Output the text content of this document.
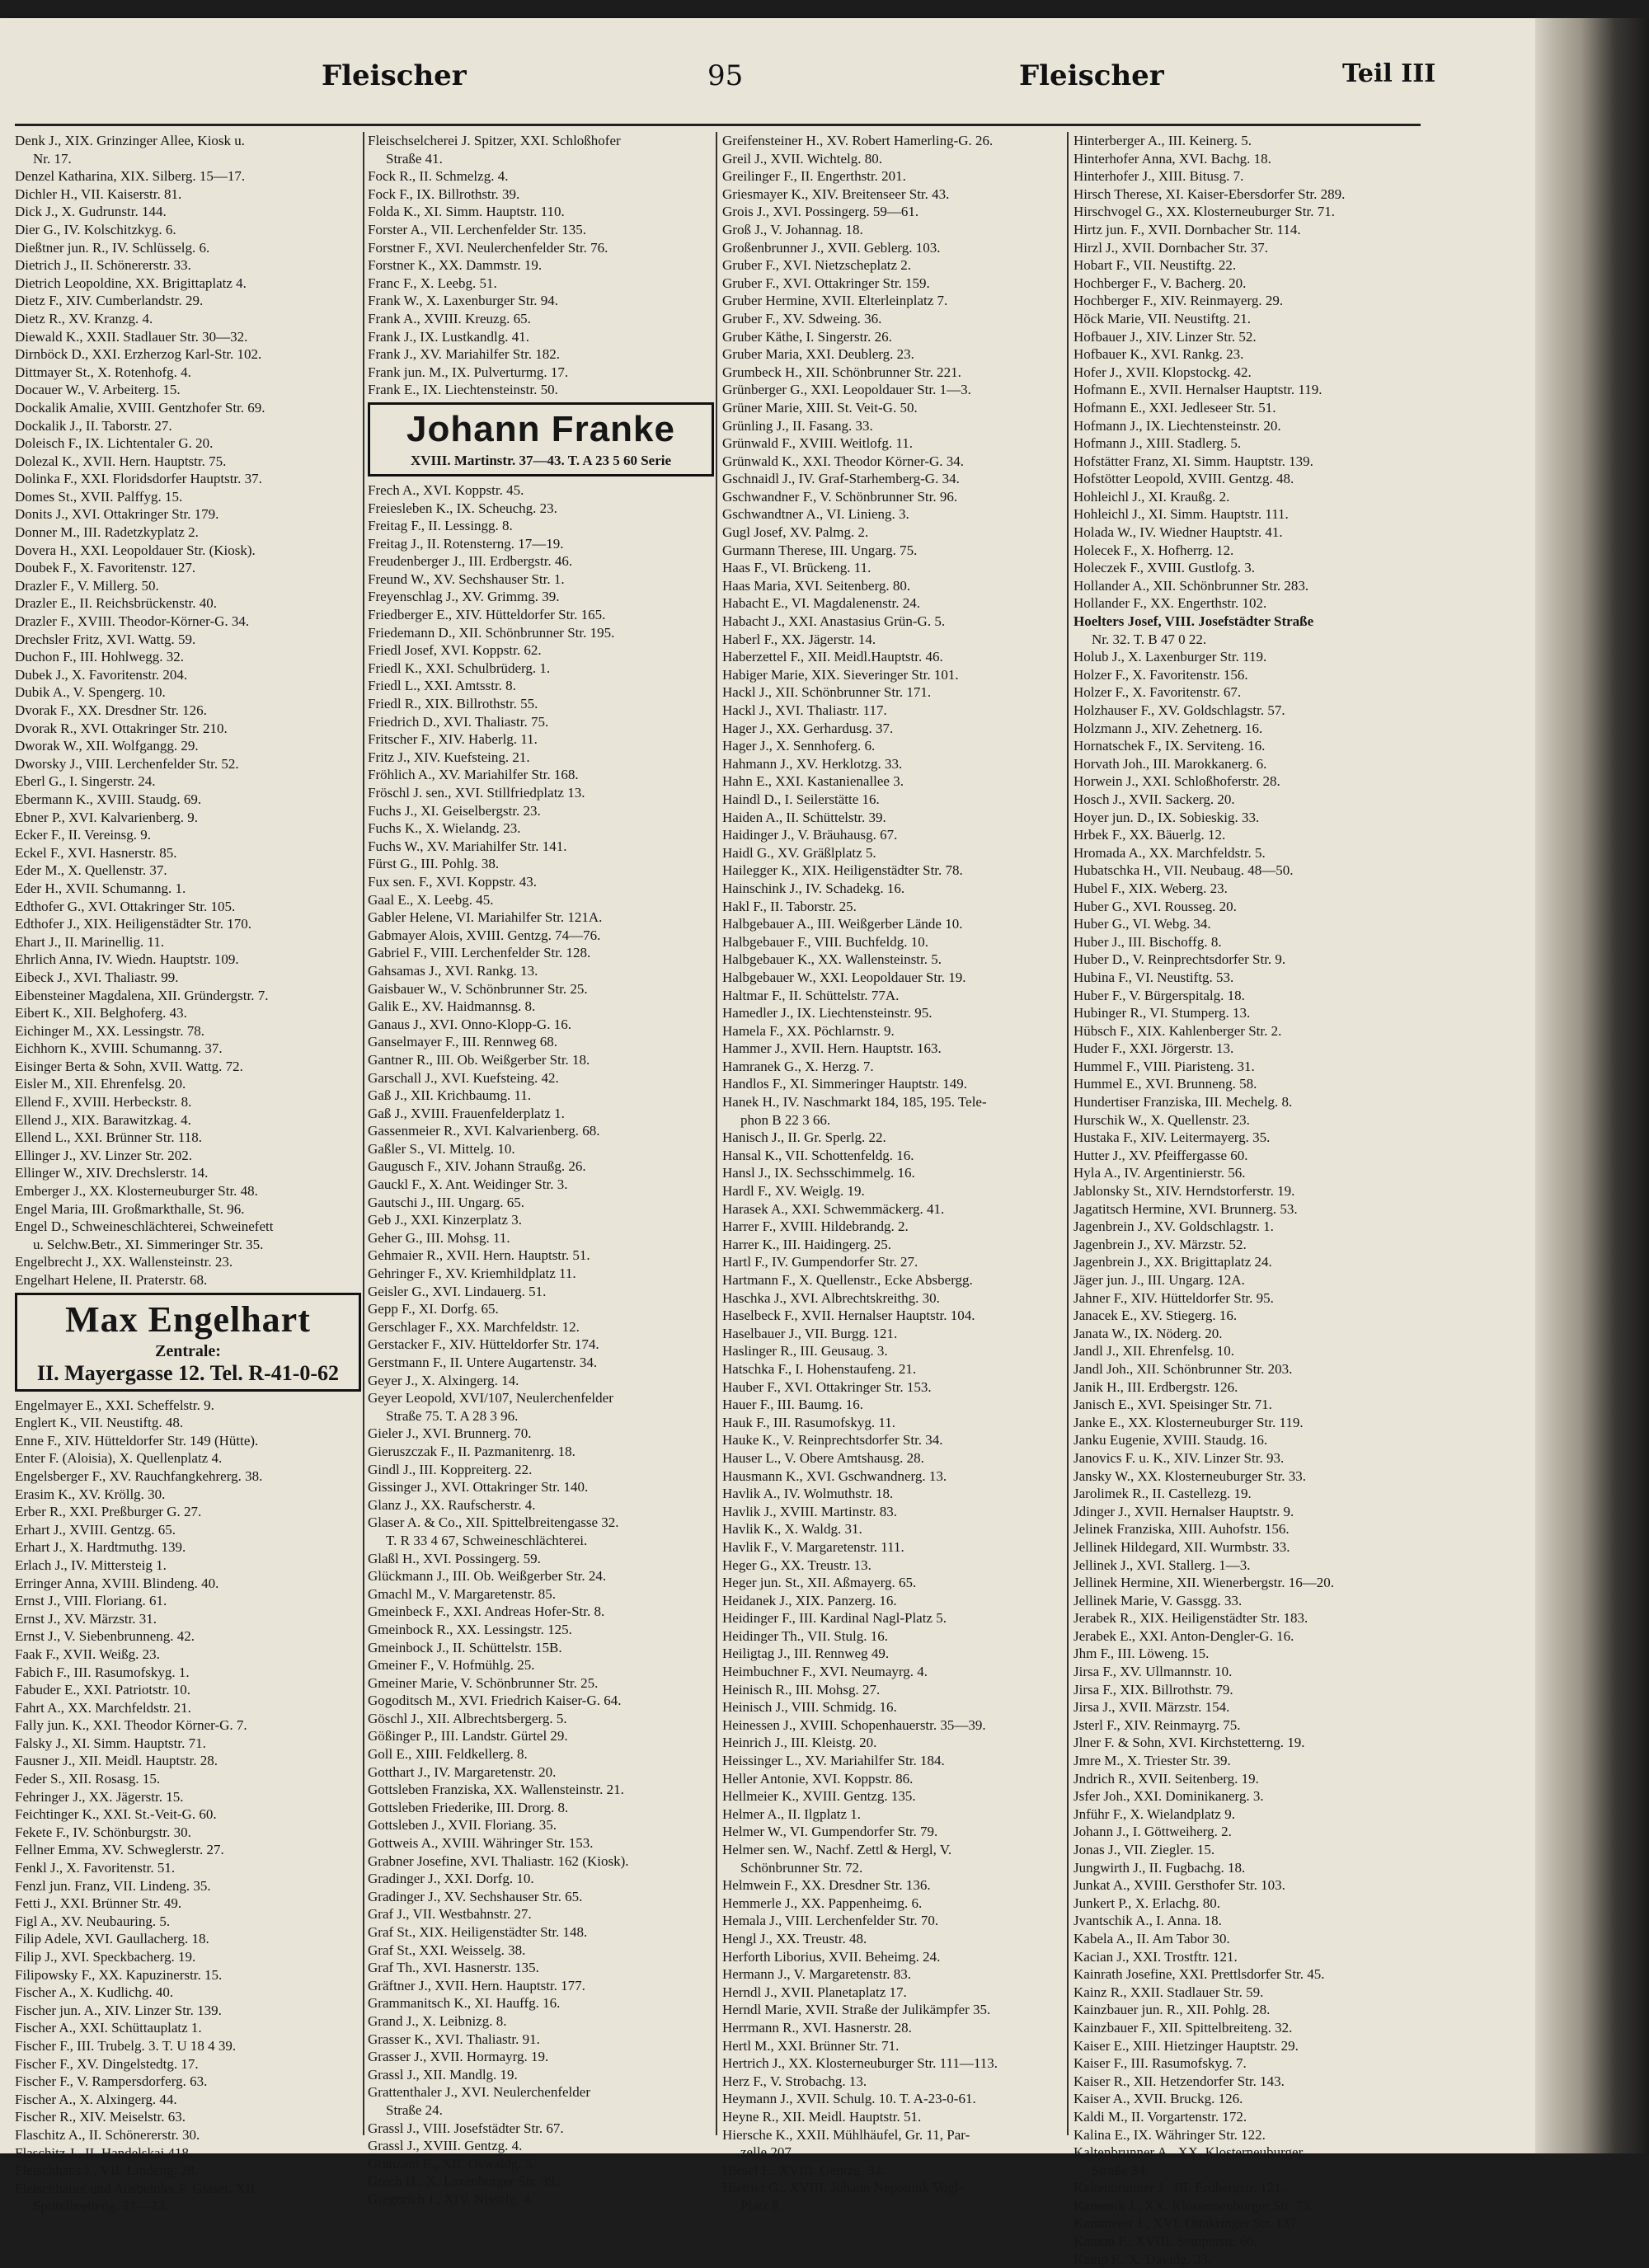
Fleischer	95	Fleischer	Teil III
Denk J., XIX. Grinzinger Allee, Kiosk u.
Nr. 17.
Denzel Katharina, XIX. Silberg. 15—17.
Dichler H., VII. Kaiserstr. 81.
Dick J., X. Gudrunstr. 144.
Dier G., IV. Kolschitzkyg. 6.
Dießtner jun. R., IV. Schlüsselg. 6.
Dietrich J., II. Schönererstr. 33.
Dietrich Leopoldine, XX. Brigittaplatz 4.
Dietz F., XIV. Cumberlandstr. 29.
Dietz R., XV. Kranzg. 4.
Diewald K., XXII. Stadlauer Str. 30—32.
Dirnböck D., XXI. Erzherzog Karl-Str. 102.
Dittmayer St., X. Rotenhofg. 4.
Docauer W., V. Arbeiterg. 15.
Dockalik Amalie, XVIII. Gentzhofer Str. 69.
Dockalik J., II. Taborstr. 27.
Doleisch F., IX. Lichtentaler G. 20.
Dolezal K., XVII. Hern. Hauptstr. 75.
Dolinka F., XXI. Floridsdorfer Hauptstr. 37.
Domes St., XVII. Palffyg. 15.
Donits J., XVI. Ottakringer Str. 179.
Donner M., III. Radetzkyplatz 2.
Dovera H., XXI. Leopoldauer Str. (Kiosk).
Doubek F., X. Favoritenstr. 127.
Drazler F., V. Millerg. 50.
Drazler E., II. Reichsbrückenstr. 40.
Drazler F., XVIII. Theodor-Körner-G. 34.
Drechsler Fritz, XVI. Wattg. 59.
Duchon F., III. Hohlwegg. 32.
Dubek J., X. Favoritenstr. 204.
Dubik A., V. Spengerg. 10.
Dvorak F., XX. Dresdner Str. 126.
Dvorak R., XVI. Ottakringer Str. 210.
Dworak W., XII. Wolfgangg. 29.
Dworsky J., VIII. Lerchenfelder Str. 52.
Eberl G., I. Singerstr. 24.
Ebermann K., XVIII. Staudg. 69.
Ebner P., XVI. Kalvarienberg. 9.
Ecker F., II. Vereinsg. 9.
Eckel F., XVI. Hasnerstr. 85.
Eder M., X. Quellenstr. 37.
Eder H., XVII. Schumanng. 1.
Edthofer G., XVI. Ottakringer Str. 105.
Edthofer J., XIX. Heiligenstädter Str. 170.
Ehart J., II. Marinellig. 11.
Ehrlich Anna, IV. Wiedn. Hauptstr. 109.
Eibeck J., XVI. Thaliastr. 99.
Eibensteiner Magdalena, XII. Gründergstr. 7.
Eibert K., XII. Belghoferg. 43.
Eichinger M., XX. Lessingstr. 78.
Eichhorn K., XVIII. Schumanng. 37.
Eisinger Berta & Sohn, XVII. Wattg. 72.
Eisler M., XII. Ehrenfelsg. 20.
Ellend F., XVIII. Herbeckstr. 8.
Ellend J., XIX. Barawitzkag. 4.
Ellend L., XXI. Brünner Str. 118.
Ellinger J., XV. Linzer Str. 202.
Ellinger W., XIV. Drechslerstr. 14.
Emberger J., XX. Klosterneuburger Str. 48.
Engel Maria, III. Großmarkthalle, St. 96.
Engel D., Schweineschlächterei, Schweinefett
u. Selchw.Betr., XI. Simmeringer Str. 35.
Engelbrecht J., XX. Wallensteinstr. 23.
Engelhart Helene, II. Praterstr. 68.
Max Engelhart
Zentrale:
II. Mayergasse 12. Tel. R-41-0-62
Engelmayer E., XXI. Scheffelstr. 9.
Englert K., VII. Neustiftg. 48.
Enne F., XIV. Hütteldorfer Str. 149 (Hütte).
Enter F. (Aloisia), X. Quellenplatz 4.
Engelsberger F., XV. Rauchfangkehrerg. 38.
Erasim K., XV. Kröllg. 30.
Erber R., XXI. Preßburger G. 27.
Erhart J., XVIII. Gentzg. 65.
Erhart J., X. Hardtmuthg. 139.
Erlach J., IV. Mittersteig 1.
Erringer Anna, XVIII. Blindeng. 40.
Ernst J., VIII. Floriang. 61.
Ernst J., XV. Märzstr. 31.
Ernst J., V. Siebenbrunneng. 42.
Faak F., XVII. Weißg. 23.
Fabich F., III. Rasumofskyg. 1.
Fabuder E., XXI. Patriotstr. 10.
Fahrt A., XX. Marchfeldstr. 21.
Fally jun. K., XXI. Theodor Körner-G. 7.
Falsky J., XI. Simm. Hauptstr. 71.
Fausner J., XII. Meidl. Hauptstr. 28.
Feder S., XII. Rosasg. 15.
Fehringer J., XX. Jägerstr. 15.
Feichtinger K., XXI. St.-Veit-G. 60.
Fekete F., IV. Schönburgstr. 30.
Fellner Emma, XV. Schweglerstr. 27.
Fenkl J., X. Favoritenstr. 51.
Fenzl jun. Franz, VII. Lindeng. 35.
Fetti J., XXI. Brünner Str. 49.
Figl A., XV. Neubauring. 5.
Filip Adele, XVI. Gaullacherg. 18.
Filip J., XVI. Speckbacherg. 19.
Filipowsky F., XX. Kapuzinerstr. 15.
Fischer A., X. Kudlichg. 40.
Fischer jun. A., XIV. Linzer Str. 139.
Fischer A., XXI. Schüttauplatz 1.
Fischer F., III. Trubelg. 3. T. U 18 4 39.
Fischer F., XV. Dingelstedtg. 17.
Fischer F., V. Rampersdorferg. 63.
Fischer A., X. Alxingerg. 44.
Fischer R., XIV. Meiselstr. 63.
Flaschitz A., II. Schönererstr. 30.
Flaschitz J., II. Handelskai 418.
Fleischhans J., VII. Lindeng. 28.
Fleischhauer und Ausbeinler F. Glaser, XII.
Spittelbreiteng. 21—23.
Fleischselcherei J. Spitzer, XXI. Schloßhofer
Straße 41.
Fock R., II. Schmelzg. 4.
Fock F., IX. Billrothstr. 39.
Folda K., XI. Simm. Hauptstr. 110.
Forster A., VII. Lerchenfelder Str. 135.
Forstner F., XVI. Neulerchenfelder Str. 76.
Forstner K., XX. Dammstr. 19.
Franc F., X. Leebg. 51.
Frank W., X. Laxenburger Str. 94.
Frank A., XVIII. Kreuzg. 65.
Frank J., IX. Lustkandlg. 41.
Frank J., XV. Mariahilfer Str. 182.
Frank jun. M., IX. Pulverturmg. 17.
Frank E., IX. Liechtensteinstr. 50.
Johann Franke
XVIII. Martinstr. 37—43. T. A 23 5 60 Serie
Frech A., XVI. Koppstr. 45.
Freiesleben K., IX. Scheuchg. 23.
Freitag F., II. Lessingg. 8.
Freitag J., II. Rotensterng. 17—19.
Freudenberger J., III. Erdbergstr. 46.
Freund W., XV. Sechshauser Str. 1.
Freyenschlag J., XV. Grimmg. 39.
Friedberger E., XIV. Hütteldorfer Str. 165.
Friedemann D., XII. Schönbrunner Str. 195.
Friedl Josef, XVI. Koppstr. 62.
Friedl K., XXI. Schulbrüderg. 1.
Friedl L., XXI. Amtsstr. 8.
Friedl R., XIX. Billrothstr. 55.
Friedrich D., XVI. Thaliastr. 75.
Fritscher F., XIV. Haberlg. 11.
Fritz J., XIV. Kuefsteing. 21.
Fröhlich A., XV. Mariahilfer Str. 168.
Fröschl J. sen., XVI. Stillfriedplatz 13.
Fuchs J., XI. Geiselbergstr. 23.
Fuchs K., X. Wielandg. 23.
Fuchs W., XV. Mariahilfer Str. 141.
Fürst G., III. Pohlg. 38.
Fux sen. F., XVI. Koppstr. 43.
Gaal E., X. Leebg. 45.
Gabler Helene, VI. Mariahilfer Str. 121A.
Gabmayer Alois, XVIII. Gentzg. 74—76.
Gabriel F., VIII. Lerchenfelder Str. 128.
Gahsamas J., XVI. Rankg. 13.
Gaisbauer W., V. Schönbrunner Str. 25.
Galik E., XV. Haidmannsg. 8.
Ganaus J., XVI. Onno-Klopp-G. 16.
Ganselmayer F., III. Rennweg 68.
Gantner R., III. Ob. Weißgerber Str. 18.
Garschall J., XVI. Kuefsteing. 42.
Gaß J., XII. Krichbaumg. 11.
Gaß J., XVIII. Frauenfelderplatz 1.
Gassenmeier R., XVI. Kalvarienberg. 68.
Gaßler S., VI. Mittelg. 10.
Gaugusch F., XIV. Johann Straußg. 26.
Gauckl F., X. Ant. Weidinger Str. 3.
Gautschi J., III. Ungarg. 65.
Geb J., XXI. Kinzerplatz 3.
Geher G., III. Mohsg. 11.
Gehmaier R., XVII. Hern. Hauptstr. 51.
Gehringer F., XV. Kriemhildplatz 11.
Geisler G., XVI. Lindauerg. 51.
Gepp F., XI. Dorfg. 65.
Gerschlager F., XX. Marchfeldstr. 12.
Gerstacker F., XIV. Hütteldorfer Str. 174.
Gerstmann F., II. Untere Augartenstr. 34.
Geyer J., X. Alxingerg. 14.
Geyer Leopold, XVI/107, Neulerchenfelder
Straße 75. T. A 28 3 96.
Gieler J., XVI. Brunnerg. 70.
Gieruszczak F., II. Pazmanitenrg. 18.
Gindl J., III. Koppreiterg. 22.
Gissinger J., XVI. Ottakringer Str. 140.
Glanz J., XX. Raufscherstr. 4.
Glaser A. & Co., XII. Spittelbreitengasse 32.
T. R 33 4 67, Schweineschlächterei.
Glaßl H., XVI. Possingerg. 59.
Glückmann J., III. Ob. Weißgerber Str. 24.
Gmachl M., V. Margaretenstr. 85.
Gmeinbeck F., XXI. Andreas Hofer-Str. 8.
Gmeinbock R., XX. Lessingstr. 125.
Gmeinbock J., II. Schüttelstr. 15B.
Gmeiner F., V. Hofmühlg. 25.
Gmeiner Marie, V. Schönbrunner Str. 25.
Gogoditsch M., XVI. Friedrich Kaiser-G. 64.
Göschl J., XII. Albrechtsbergerg. 5.
Gößinger P., III. Landstr. Gürtel 29.
Goll E., XIII. Feldkellerg. 8.
Gotthart J., IV. Margaretenstr. 20.
Gottsleben Franziska, XX. Wallensteinstr. 21.
Gottsleben Friederike, III. Drorg. 8.
Gottsleben J., XVII. Floriang. 35.
Gottweis A., XVIII. Währinger Str. 153.
Grabner Josefine, XVI. Thaliastr. 162 (Kiosk).
Gradinger J., XXI. Dorfg. 10.
Gradinger J., XV. Sechshauser Str. 65.
Graf J., VII. Westbahnstr. 27.
Graf St., XIX. Heiligenstädter Str. 148.
Graf St., XXI. Weisselg. 38.
Graf Th., XVI. Hasnerstr. 135.
Gräftner J., XVII. Hern. Hauptstr. 177.
Grammanitsch K., XI. Hauffg. 16.
Grand J., X. Leibnizg. 8.
Grasser K., XVI. Thaliastr. 91.
Grasser J., XVII. Hormayrg. 19.
Grassl J., XII. Mandlg. 19.
Grattenthaler J., XVI. Neulerchenfelder
Straße 24.
Grassl J., VIII. Josefstädter Str. 67.
Grassl J., XVIII. Gentzg. 4.
Granzam E., XII. Oswaldg. 5.
Grech H., X. Laxenburger Str. 39.
Gregorich J., XIV. Nisselg. 4.
Greifensteiner H., XV. Robert Hamerling-G. 26.
Greil J., XVII. Wichtelg. 80.
Greilinger F., II. Engerthstr. 201.
Griesmayer K., XIV. Breitenseer Str. 43.
Grois J., XVI. Possingerg. 59—61.
Groß J., V. Johannag. 18.
Großenbrunner J., XVII. Geblerg. 103.
Gruber F., XVI. Nietzscheplatz 2.
Gruber F., XVI. Ottakringer Str. 159.
Gruber Hermine, XVII. Elterleinplatz 7.
Gruber F., XV. Sdweing. 36.
Gruber Käthe, I. Singerstr. 26.
Gruber Maria, XXI. Deublerg. 23.
Grumbeck H., XII. Schönbrunner Str. 221.
Grünberger G., XXI. Leopoldauer Str. 1—3.
Grüner Marie, XIII. St. Veit-G. 50.
Grünling J., II. Fasang. 33.
Grünwald F., XVIII. Weitlofg. 11.
Grünwald K., XXI. Theodor Körner-G. 34.
Gschnaidl J., IV. Graf-Starhemberg-G. 34.
Gschwandner F., V. Schönbrunner Str. 96.
Gschwandtner A., VI. Linieng. 3.
Gugl Josef, XV. Palmg. 2.
Gurmann Therese, III. Ungarg. 75.
Haas F., VI. Brückeng. 11.
Haas Maria, XVI. Seitenberg. 80.
Habacht E., VI. Magdalenenstr. 24.
Habacht J., XXI. Anastasius Grün-G. 5.
Haberl F., XX. Jägerstr. 14.
Haberzettel F., XII. Meidl.Hauptstr. 46.
Habiger Marie, XIX. Sieveringer Str. 101.
Hackl J., XII. Schönbrunner Str. 171.
Hackl J., XVI. Thaliastr. 117.
Hager J., XX. Gerhardusg. 37.
Hager J., X. Sennhoferg. 6.
Hahmann J., XV. Herklotzg. 33.
Hahn E., XXI. Kastanienallee 3.
Haindl D., I. Seilerstätte 16.
Haiden A., II. Schüttelstr. 39.
Haidinger J., V. Bräuhausg. 67.
Haidl G., XV. Gräßlplatz 5.
Hailegger K., XIX. Heiligenstädter Str. 78.
Hainschink J., IV. Schadekg. 16.
Hakl F., II. Taborstr. 25.
Halbgebauer A., III. Weißgerber Lände 10.
Halbgebauer F., VIII. Buchfeldg. 10.
Halbgebauer K., XX. Wallensteinstr. 5.
Halbgebauer W., XXI. Leopoldauer Str. 19.
Haltmar F., II. Schüttelstr. 77A.
Hamedler J., IX. Liechtensteinstr. 95.
Hamela F., XX. Pöchlarnstr. 9.
Hammer J., XVII. Hern. Hauptstr. 163.
Hamranek G., X. Herzg. 7.
Handlos F., XI. Simmeringer Hauptstr. 149.
Hanek H., IV. Naschmarkt 184, 185, 195. Tele-
phon B 22 3 66.
Hanisch J., II. Gr. Sperlg. 22.
Hansal K., VII. Schottenfeldg. 16.
Hansl J., IX. Sechsschimmelg. 16.
Hardl F., XV. Weiglg. 19.
Harasek A., XXI. Schwemmäckerg. 41.
Harrer F., XVIII. Hildebrandg. 2.
Harrer K., III. Haidingerg. 25.
Hartl F., IV. Gumpendorfer Str. 27.
Hartmann F., X. Quellenstr., Ecke Absbergg.
Haschka J., XVI. Albrechtskreithg. 30.
Haselbeck F., XVII. Hernalser Hauptstr. 104.
Haselbauer J., VII. Burgg. 121.
Haslinger R., III. Geusaug. 3.
Hatschka F., I. Hohenstaufeng. 21.
Hauber F., XVI. Ottakringer Str. 153.
Hauer F., III. Baumg. 16.
Hauk F., III. Rasumofskyg. 11.
Hauke K., V. Reinprechtsdorfer Str. 34.
Hauser L., V. Obere Amtshausg. 28.
Hausmann K., XVI. Gschwandnerg. 13.
Havlik A., IV. Wolmuthstr. 18.
Havlik J., XVIII. Martinstr. 83.
Havlik K., X. Waldg. 31.
Havlik F., V. Margaretenstr. 111.
Heger G., XX. Treustr. 13.
Heger jun. St., XII. Aßmayerg. 65.
Heidanek J., XIX. Panzerg. 16.
Heidinger F., III. Kardinal Nagl-Platz 5.
Heidinger Th., VII. Stulg. 16.
Heiligtag J., III. Rennweg 49.
Heimbuchner F., XVI. Neumayrg. 4.
Heinisch R., III. Mohsg. 27.
Heinisch J., VIII. Schmidg. 16.
Heinessen J., XVIII. Schopenhauerstr. 35—39.
Heinrich J., III. Kleistg. 20.
Heissinger L., XV. Mariahilfer Str. 184.
Heller Antonie, XVI. Koppstr. 86.
Hellmeier K., XVIII. Gentzg. 135.
Helmer A., II. Ilgplatz 1.
Helmer W., VI. Gumpendorfer Str. 79.
Helmer sen. W., Nachf. Zettl & Hergl, V.
Schönbrunner Str. 72.
Helmwein F., XX. Dresdner Str. 136.
Hemmerle J., XX. Pappenheimg. 6.
Hemala J., VIII. Lerchenfelder Str. 70.
Hengl J., XX. Treustr. 48.
Herforth Liborius, XVII. Beheimg. 24.
Hermann J., V. Margaretenstr. 83.
Herndl J., XVII. Planetaplatz 17.
Herndl Marie, XVII. Straße der Julikämpfer 35.
Herrmann R., XVI. Hasnerstr. 28.
Hertl M., XXI. Brünner Str. 71.
Hertrich J., XX. Klosterneuburger Str. 111—113.
Herz F., V. Strobachg. 13.
Heymann J., XVII. Schulg. 10. T. A-23-0-61.
Heyne R., XII. Meidl. Hauptstr. 51.
Hiersche K., XXII. Mühlhäufel, Gr. 11, Par-
zelle 207.
Hiesel F., XVIII. Gentzg. 32.
Hiettler G., XVIII. Johann Nepomuk Vogl-
Platz 8.
Hinterberger A., III. Keinerg. 5.
Hinterhofer Anna, XVI. Bachg. 18.
Hinterhofer J., XIII. Bitusg. 7.
Hirsch Therese, XI. Kaiser-Ebersdorfer Str. 289.
Hirschvogel G., XX. Klosterneuburger Str. 71.
Hirtz jun. F., XVII. Dornbacher Str. 114.
Hirzl J., XVII. Dornbacher Str. 37.
Hobart F., VII. Neustiftg. 22.
Hochberger F., V. Bacherg. 20.
Hochberger F., XIV. Reinmayerg. 29.
Höck Marie, VII. Neustiftg. 21.
Hofbauer J., XIV. Linzer Str. 52.
Hofbauer K., XVI. Rankg. 23.
Hofer J., XVII. Klopstockg. 42.
Hofmann E., XVII. Hernalser Hauptstr. 119.
Hofmann E., XXI. Jedleseer Str. 51.
Hofmann J., IX. Liechtensteinstr. 20.
Hofmann J., XIII. Stadlerg. 5.
Hofstätter Franz, XI. Simm. Hauptstr. 139.
Hofstötter Leopold, XVIII. Gentzg. 48.
Hohleichl J., XI. Kraußg. 2.
Hohleichl J., XI. Simm. Hauptstr. 111.
Holada W., IV. Wiedner Hauptstr. 41.
Holecek F., X. Hofherrg. 12.
Holeczek F., XVIII. Gustlofg. 3.
Hollander A., XII. Schönbrunner Str. 283.
Hollander F., XX. Engerthstr. 102.
Hoelters Josef, VIII. Josefstädter Straße
Nr. 32. T. B 47 0 22.
Holub J., X. Laxenburger Str. 119.
Holzer F., X. Favoritenstr. 156.
Holzer F., X. Favoritenstr. 67.
Holzhauser F., XV. Goldschlagstr. 57.
Holzmann J., XIV. Zehetnerg. 16.
Hornatschek F., IX. Serviteng. 16.
Horvath Joh., III. Marokkanerg. 6.
Horwein J., XXI. Schloßhoferstr. 28.
Hosch J., XVII. Sackerg. 20.
Hoyer jun. D., IX. Sobieskig. 33.
Hrbek F., XX. Bäuerlg. 12.
Hromada A., XX. Marchfeldstr. 5.
Hubatschka H., VII. Neubaug. 48—50.
Hubel F., XIX. Weberg. 23.
Huber G., XVI. Rousseg. 20.
Huber G., VI. Webg. 34.
Huber J., III. Bischoffg. 8.
Huber D., V. Reinprechtsdorfer Str. 9.
Hubina F., VI. Neustiftg. 53.
Huber F., V. Bürgerspitalg. 18.
Hubinger R., VI. Stumperg. 13.
Hübsch F., XIX. Kahlenberger Str. 2.
Huder F., XXI. Jörgerstr. 13.
Hummel F., VIII. Piaristeng. 31.
Hummel E., XVI. Brunneng. 58.
Hundertiser Franziska, III. Mechelg. 8.
Hurschik W., X. Quellenstr. 23.
Hustaka F., XIV. Leitermayerg. 35.
Hutter J., XV. Pfeiffergasse 60.
Hyla A., IV. Argentinierstr. 56.
Jablonsky St., XIV. Herndstorferstr. 19.
Jagatitsch Hermine, XVI. Brunnerg. 53.
Jagenbrein J., XV. Goldschlagstr. 1.
Jagenbrein J., XV. Märzstr. 52.
Jagenbrein J., XX. Brigittaplatz 24.
Jäger jun. J., III. Ungarg. 12A.
Jahner F., XIV. Hütteldorfer Str. 95.
Janacek E., XV. Stiegerg. 16.
Janata W., IX. Nöderg. 20.
Jandl J., XII. Ehrenfelsg. 10.
Jandl Joh., XII. Schönbrunner Str. 203.
Janik H., III. Erdbergstr. 126.
Janisch E., XVI. Speisinger Str. 71.
Janke E., XX. Klosterneuburger Str. 119.
Janku Eugenie, XVIII. Staudg. 16.
Janovics F. u. K., XIV. Linzer Str. 93.
Jansky W., XX. Klosterneuburger Str. 33.
Jarolimek R., II. Castellezg. 19.
Jdinger J., XVII. Hernalser Hauptstr. 9.
Jelinek Franziska, XIII. Auhofstr. 156.
Jellinek Hildegard, XII. Wurmbstr. 33.
Jellinek J., XVI. Stallerg. 1—3.
Jellinek Hermine, XII. Wienerbergstr. 16—20.
Jellinek Marie, V. Gassgg. 33.
Jerabek R., XIX. Heiligenstädter Str. 183.
Jerabek E., XXI. Anton-Dengler-G. 16.
Jhm F., III. Löweng. 15.
Jirsa F., XV. Ullmannstr. 10.
Jirsa F., XIX. Billrothstr. 79.
Jirsa J., XVII. Märzstr. 154.
Jsterl F., XIV. Reinmayrg. 75.
Jlner F. & Sohn, XVI. Kirchstetterng. 19.
Jmre M., X. Triester Str. 39.
Jndrich R., XVII. Seitenberg. 19.
Jsfer Joh., XXI. Dominikanerg. 3.
Jnführ F., X. Wielandplatz 9.
Johann J., I. Göttweiherg. 2.
Jonas J., VII. Ziegler. 15.
Jungwirth J., II. Fugbachg. 18.
Junkat A., XVIII. Gersthofer Str. 103.
Junkert P., X. Erlachg. 80.
Jvantschik A., I. Anna. 18.
Kabela A., II. Am Tabor 30.
Kacian J., XXI. Trostftr. 121.
Kainrath Josefine, XXI. Prettlsdorfer Str. 45.
Kainz R., XXII. Stadlauer Str. 59.
Kainzbauer jun. R., XII. Pohlg. 28.
Kainzbauer F., XII. Spittelbreiteng. 32.
Kaiser E., XIII. Hietzinger Hauptstr. 29.
Kaiser F., III. Rasumofskyg. 7.
Kaiser R., XII. Hetzendorfer Str. 143.
Kaiser A., XVII. Bruckg. 126.
Kaldi M., II. Vorgartenstr. 172.
Kalina E., IX. Währinger Str. 122.
Kaltenbrunner A., XX. Klosterneuburger
Straße 34.
Kaltenbrunner J., III. Erdbergstr. 121.
Kamenik J., XX. Klosterneuburger Str. 73.
Kammerer J., XVI. Ottakringer Str. 137.
Kamon F., XVIII. Semperstr. 60.
Kamp F., X. Davidg. 33.
